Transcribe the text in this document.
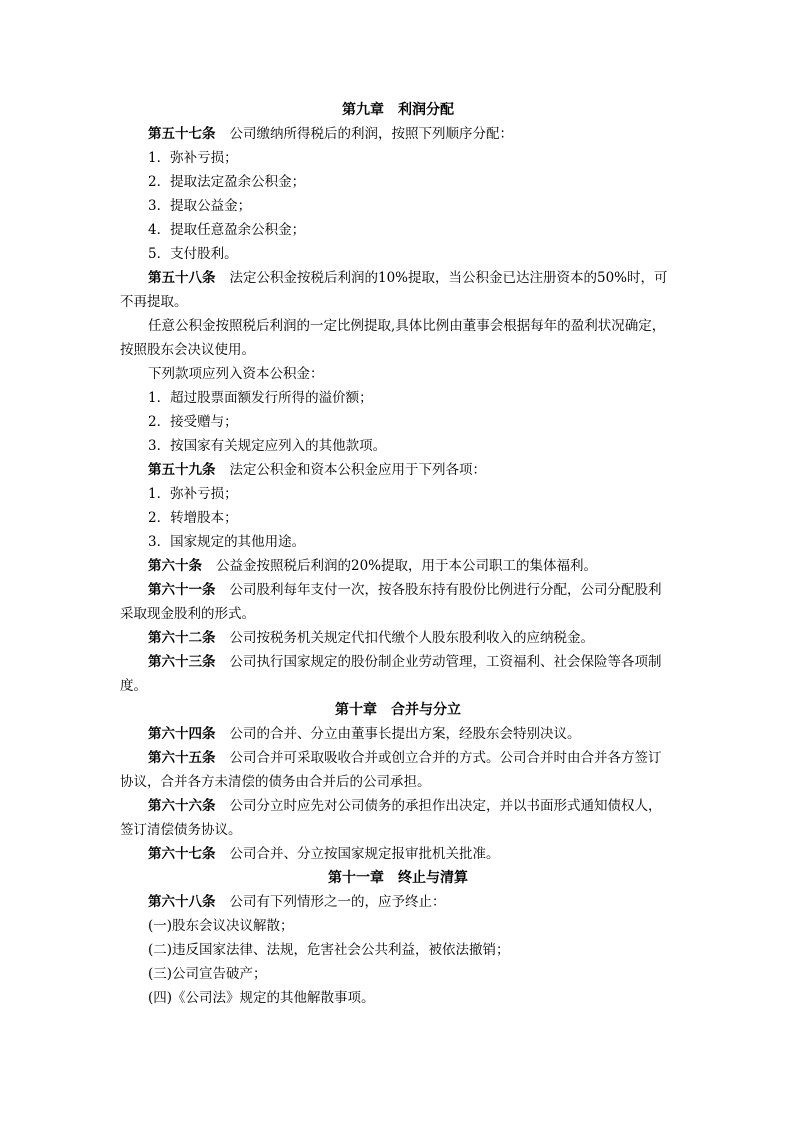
第九章　利润分配
第五十七条 公司缴纳所得税后的利润，按照下列顺序分配：
1．弥补亏损；
2．提取法定盈余公积金；
3．提取公益金；
4．提取任意盈余公积金；
5．支付股利。
第五十八条 法定公积金按税后利润的10%提取，当公积金已达注册资本的50%时，可
不再提取。
任意公积金按照税后利润的一定比例提取,具体比例由董事会根据每年的盈利状况确定，
按照股东会决议使用。
下列款项应列入资本公积金：
1．超过股票面额发行所得的溢价额；
2．接受赠与；
3．按国家有关规定应列入的其他款项。
第五十九条 法定公积金和资本公积金应用于下列各项：
1．弥补亏损；
2．转增股本；
3．国家规定的其他用途。
第六十条 公益金按照税后利润的20%提取，用于本公司职工的集体福利。
第六十一条 公司股利每年支付一次，按各股东持有股份比例进行分配，公司分配股利
采取现金股利的形式。
第六十二条 公司按税务机关规定代扣代缴个人股东股利收入的应纳税金。
第六十三条 公司执行国家规定的股份制企业劳动管理，工资福利、社会保险等各项制
度。
第十章　合并与分立
第六十四条 公司的合并、分立由董事长提出方案，经股东会特别决议。
第六十五条 公司合并可采取吸收合并或创立合并的方式。公司合并时由合并各方签订
协议，合并各方未清偿的债务由合并后的公司承担。
第六十六条 公司分立时应先对公司债务的承担作出决定，并以书面形式通知债权人，
签订清偿债务协议。
第六十七条 公司合并、分立按国家规定报审批机关批准。
第十一章　终止与清算
第六十八条 公司有下列情形之一的，应予终止：
(一)股东会议决议解散；
(二)违反国家法律、法规，危害社会公共利益，被依法撤销；
(三)公司宣告破产；
(四)《公司法》规定的其他解散事项。
